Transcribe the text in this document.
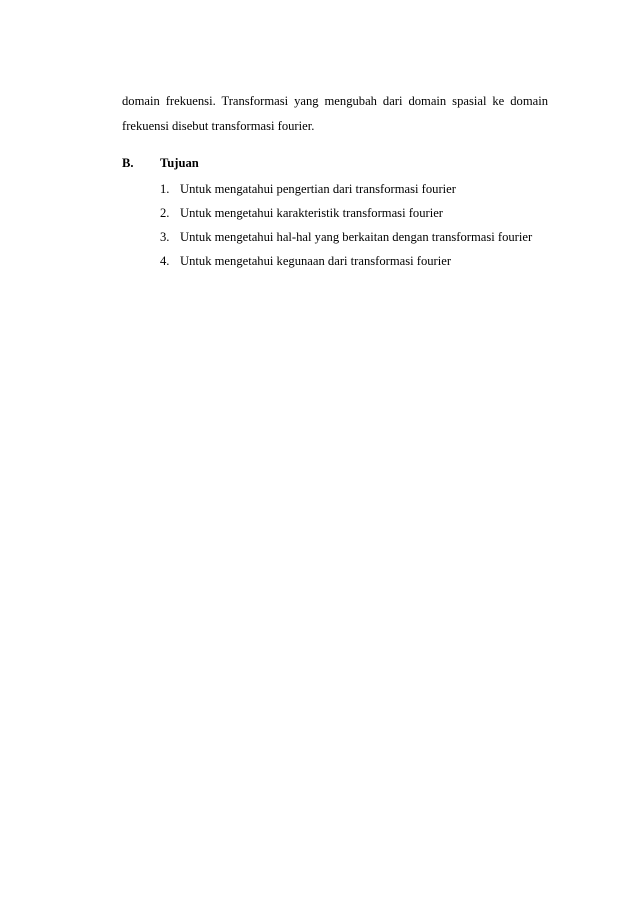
domain frekuensi. Transformasi yang mengubah dari domain spasial ke domain frekuensi disebut transformasi fourier.

B.	Tujuan
1. Untuk mengatahui pengertian dari transformasi fourier
2. Untuk mengetahui karakteristik transformasi fourier
3. Untuk mengetahui hal-hal yang berkaitan dengan transformasi fourier
4. Untuk mengetahui kegunaan dari transformasi fourier
